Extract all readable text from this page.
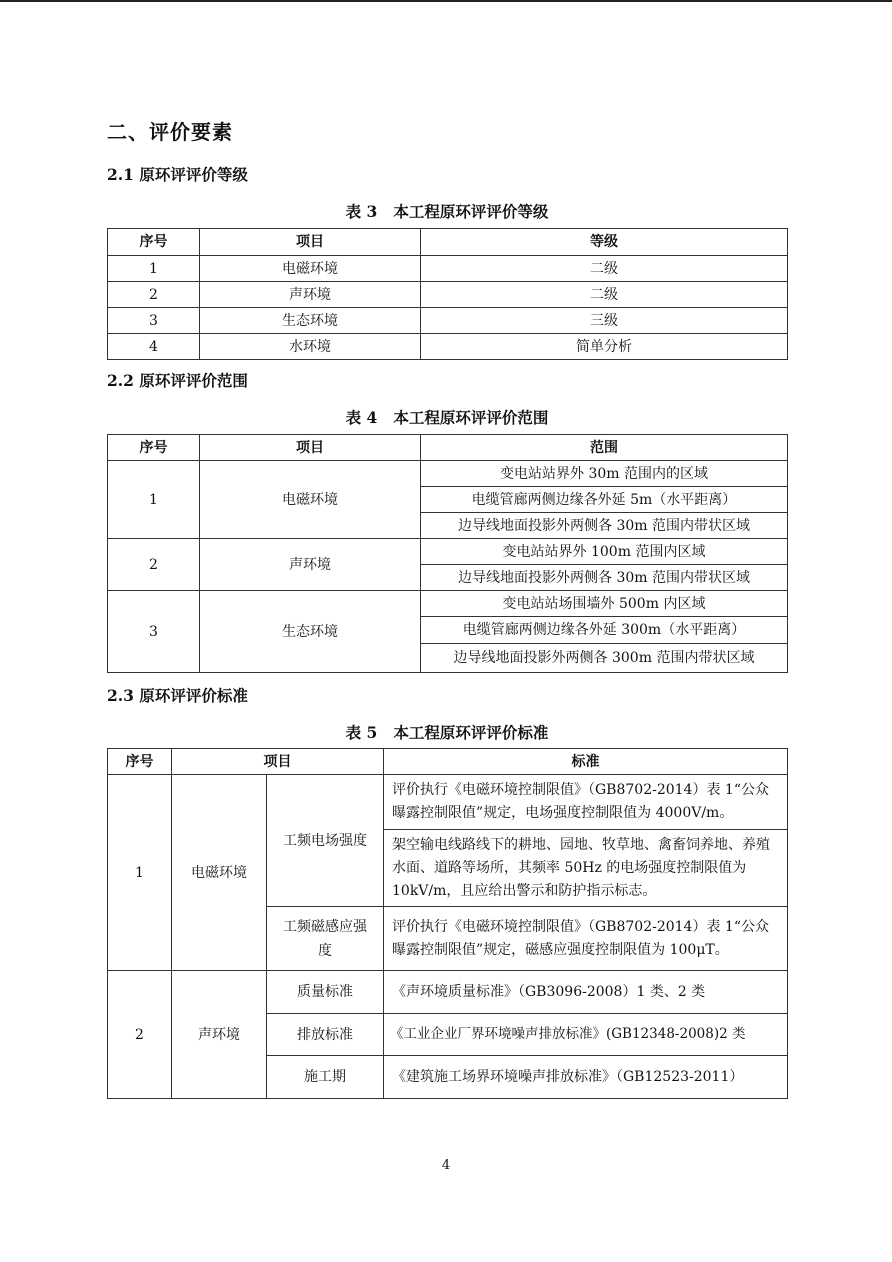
二、评价要素
2.1 原环评评价等级
表 3 本工程原环评评价等级
序号	项目	等级
1	电磁环境	二级
2	声环境	二级
3	生态环境	三级
4	水环境	简单分析
2.2 原环评评价范围
表 4 本工程原环评评价范围
序号	项目	范围
1	电磁环境	变电站站界外 30m 范围内的区域
		电缆管廊两侧边缘各外延 5m（水平距离）
		边导线地面投影外两侧各 30m 范围内带状区域
2	声环境	变电站站界外 100m 范围内区域
		边导线地面投影外两侧各 30m 范围内带状区域
3	生态环境	变电站站场围墙外 500m 内区域
		电缆管廊两侧边缘各外延 300m（水平距离）
		边导线地面投影外两侧各 300m 范围内带状区域
2.3 原环评评价标准
表 5 本工程原环评评价标准
序号	项目		标准
1	电磁环境	工频电场强度	评价执行《电磁环境控制限值》（GB8702-2014）表 1“公众曝露控制限值”规定，电场强度控制限值为 4000V/m。
			架空输电线路线下的耕地、园地、牧草地、禽畜饲养地、养殖水面、道路等场所，其频率 50Hz 的电场强度控制限值为 10kV/m，且应给出警示和防护指示标志。
		工频磁感应强度	评价执行《电磁环境控制限值》（GB8702-2014）表 1“公众曝露控制限值”规定，磁感应强度控制限值为 100μT。
2	声环境	质量标准	《声环境质量标准》（GB3096-2008）1 类、2 类
		排放标准	《工业企业厂界环境噪声排放标准》(GB12348-2008)2 类
		施工期	《建筑施工场界环境噪声排放标准》（GB12523-2011）
4
